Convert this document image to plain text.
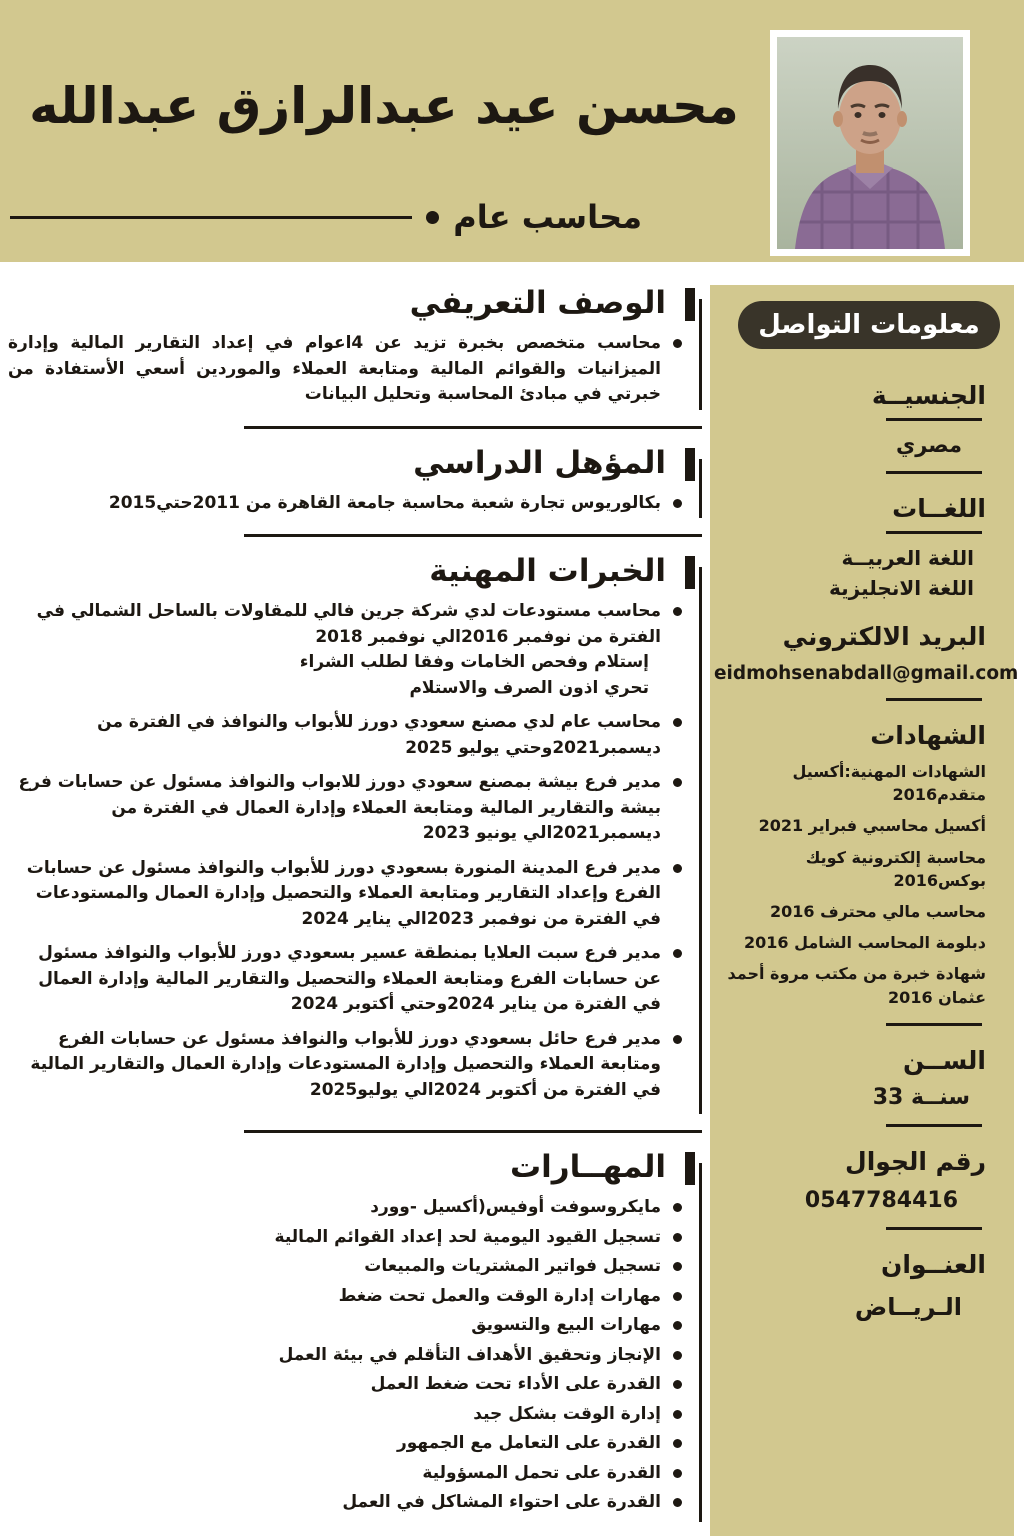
محسن عيد عبدالرازق عبدالله
محاسب عام
معلومات التواصل
الجنسيــة
مصري
اللغــات
اللغة العربيــة
اللغة الانجليزية
البريد الالكتروني
eidmohsenabdall@gmail.com
الشهادات
الشهادات المهنية:أكسيل متقدم2016
أكسيل محاسبي فبراير 2021
محاسبة إلكترونية كويك بوكس2016
محاسب مالي محترف 2016
دبلومة المحاسب الشامل 2016
شهادة خبرة من مكتب مروة أحمد عثمان 2016
الســن
سنــة 33
رقم الجوال
0547784416
العنــوان
الـريــاض
الوصف التعريفي
محاسب متخصص بخبرة تزيد عن 4اعوام في إعداد التقارير المالية وإدارة الميزانيات والقوائم المالية ومتابعة العملاء والموردين أسعي الأستفادة من خبرتي في مبادئ المحاسبة وتحليل البيانات
المؤهل الدراسي
بكالوريوس تجارة شعبة محاسبة جامعة القاهرة من 2011حتي2015
الخبرات المهنية
محاسب مستودعات لدي شركة جرين فالي للمقاولات بالساحل الشمالي في الفترة من نوفمبر 2016الي نوفمبر 2018
إستلام وفحص الخامات وفقا لطلب الشراء
تحري اذون الصرف والاستلام
محاسب عام لدي مصنع سعودي دورز للأبواب والنوافذ في الفترة من ديسمبر2021وحتي يوليو 2025
مدير فرع بيشة بمصنع سعودي دورز للابواب والنوافذ مسئول عن حسابات فرع بيشة والتقارير المالية ومتابعة العملاء وإدارة العمال في الفترة من ديسمبر2021الي يونيو 2023
مدير فرع المدينة المنورة بسعودي دورز للأبواب والنوافذ مسئول عن حسابات الفرع وإعداد التقارير ومتابعة العملاء والتحصيل وإدارة العمال والمستودعات في الفترة من نوفمبر 2023الي يناير 2024
مدير فرع سبت العلايا بمنطقة عسير بسعودي دورز للأبواب والنوافذ مسئول عن حسابات الفرع ومتابعة العملاء والتحصيل والتقارير المالية وإدارة العمال في الفترة من يناير 2024وحتي أكتوبر 2024
مدير فرع حائل بسعودي دورز للأبواب والنوافذ مسئول عن حسابات الفرع ومتابعة العملاء والتحصيل وإدارة المستودعات وإدارة العمال والتقارير المالية في الفترة من أكتوبر 2024الي يوليو2025
المهــارات
مايكروسوفت أوفيس(أكسيل -وورد
تسجيل القيود اليومية لحد إعداد القوائم المالية
تسجيل فواتير المشتريات والمبيعات
مهارات إدارة الوقت والعمل تحت ضغط
مهارات البيع والتسويق
الإنجاز وتحقيق الأهداف التأقلم في بيئة العمل
القدرة على الأداء تحت ضغط العمل
إدارة الوقت بشكل جيد
القدرة على التعامل مع الجمهور
القدرة على تحمل المسؤولية
القدرة على احتواء المشاكل في العمل
